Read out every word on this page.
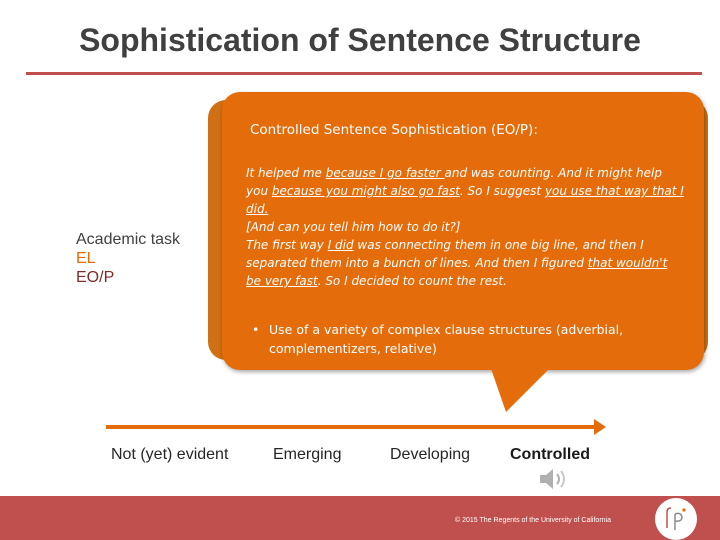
Sophistication of Sentence Structure
Academic task
EL
EO/P
Controlled Sentence Sophistication (EO/P):

It helped me because I go faster and was counting. And it might help you because you might also go fast. So I suggest you use that way that I did.

[And can you tell him how to do it?]

The first way I did was connecting them in one big line, and then I separated them into a bunch of lines. And then I figured that wouldn't be very fast. So I decided to count the rest.

• Use of a variety of complex clause structures (adverbial, complementizers, relative)
Not (yet) evident	Emerging	Developing Controlled
© 2015 The Regents of the University of California
